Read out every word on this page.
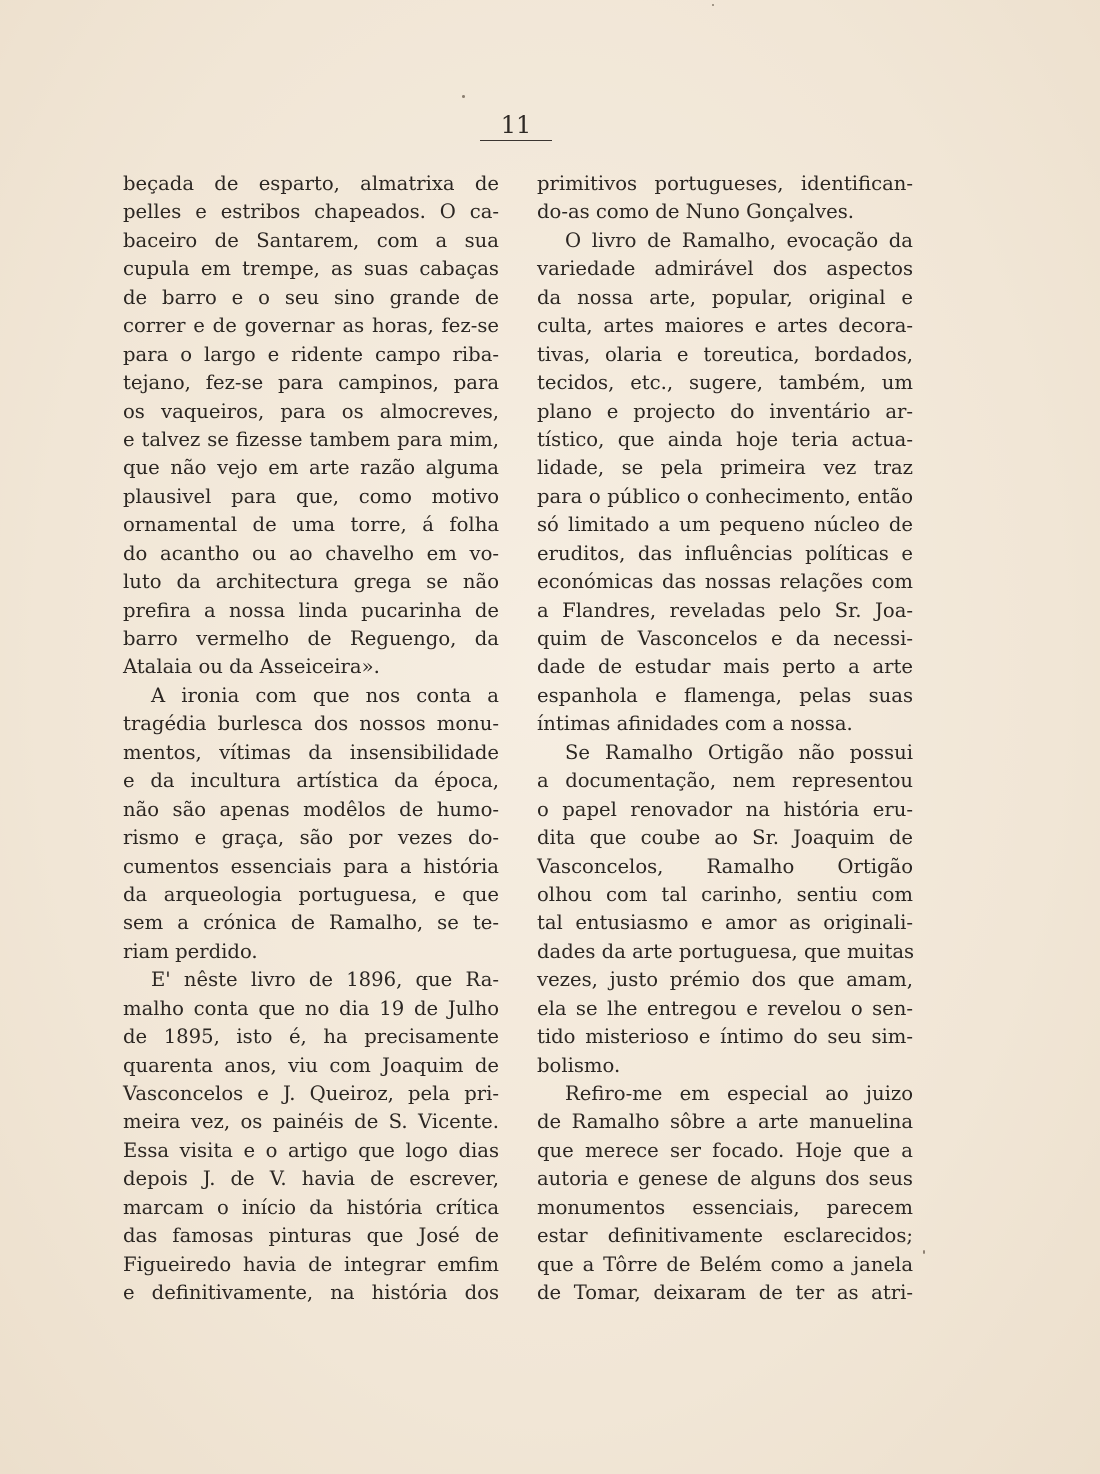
11
beçada de esparto, almatrixa de
pelles e estribos chapeados. O ca-
baceiro de Santarem, com a sua
cupula em trempe, as suas cabaças
de barro e o seu sino grande de
correr e de governar as horas, fez-se
para o largo e ridente campo riba-
tejano, fez-se para campinos, para
os vaqueiros, para os almocreves,
e talvez se fizesse tambem para mim,
que não vejo em arte razão alguma
plausivel para que, como motivo
ornamental de uma torre, á folha
do acantho ou ao chavelho em vo-
luto da architectura grega se não
prefira a nossa linda pucarinha de
barro vermelho de Reguengo, da
Atalaia ou da Asseiceira».
A ironia com que nos conta a
tragédia burlesca dos nossos monu-
mentos, vítimas da insensibilidade
e da incultura artística da época,
não são apenas modêlos de humo-
rismo e graça, são por vezes do-
cumentos essenciais para a história
da arqueologia portuguesa, e que
sem a crónica de Ramalho, se te-
riam perdido.
E' nêste livro de 1896, que Ra-
malho conta que no dia 19 de Julho
de 1895, isto é, ha precisamente
quarenta anos, viu com Joaquim de
Vasconcelos e J. Queiroz, pela pri-
meira vez, os painéis de S. Vicente.
Essa visita e o artigo que logo dias
depois J. de V. havia de escrever,
marcam o início da história crítica
das famosas pinturas que José de
Figueiredo havia de integrar emfim
e definitivamente, na história dos
primitivos portugueses, identifican-
do-as como de Nuno Gonçalves.
O livro de Ramalho, evocação da
variedade admirável dos aspectos
da nossa arte, popular, original e
culta, artes maiores e artes decora-
tivas, olaria e toreutica, bordados,
tecidos, etc., sugere, também, um
plano e projecto do inventário ar-
tístico, que ainda hoje teria actua-
lidade, se pela primeira vez traz
para o público o conhecimento, então
só limitado a um pequeno núcleo de
eruditos, das influências políticas e
económicas das nossas relações com
a Flandres, reveladas pelo Sr. Joa-
quim de Vasconcelos e da necessi-
dade de estudar mais perto a arte
espanhola e flamenga, pelas suas
íntimas afinidades com a nossa.
Se Ramalho Ortigão não possui
a documentação, nem representou
o papel renovador na história eru-
dita que coube ao Sr. Joaquim de
Vasconcelos, Ramalho Ortigão
olhou com tal carinho, sentiu com
tal entusiasmo e amor as originali-
dades da arte portuguesa, que muitas
vezes, justo prémio dos que amam,
ela se lhe entregou e revelou o sen-
tido misterioso e íntimo do seu sim-
bolismo.
Refiro-me em especial ao juizo
de Ramalho sôbre a arte manuelina
que merece ser focado. Hoje que a
autoria e genese de alguns dos seus
monumentos essenciais, parecem
estar definitivamente esclarecidos;
que a Tôrre de Belém como a janela
de Tomar, deixaram de ter as atri-
